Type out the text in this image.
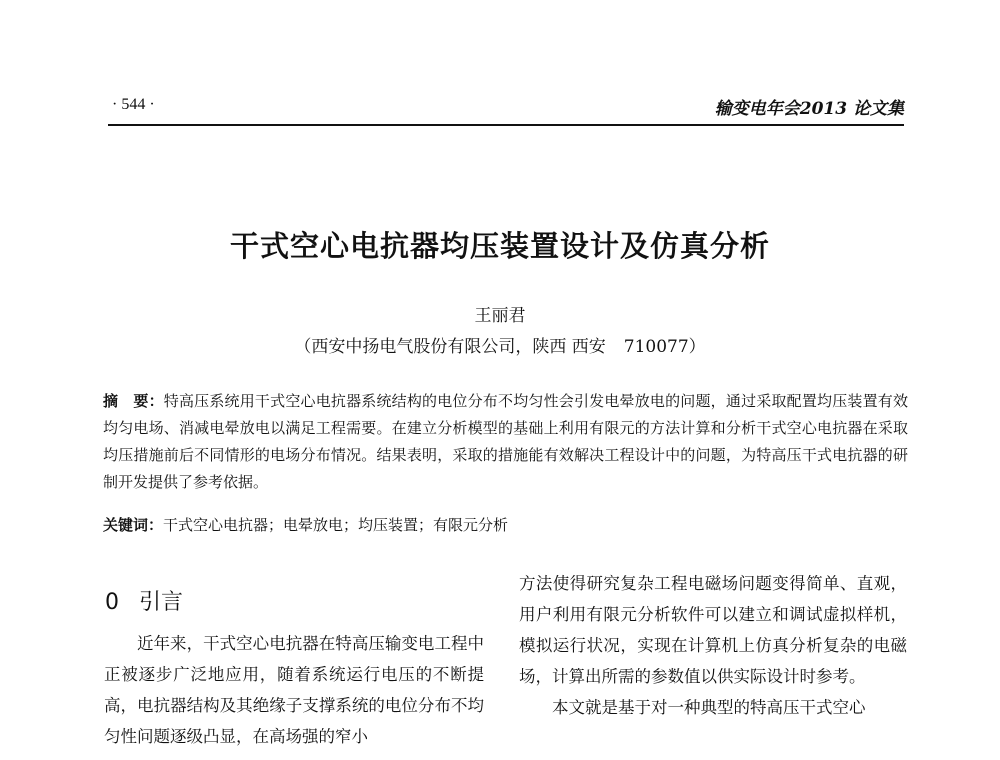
· 544 ·	输变电年会2013 论文集
干式空心电抗器均压装置设计及仿真分析
王丽君
（西安中扬电气股份有限公司，陕西 西安 710077）
摘　要：特高压系统用干式空心电抗器系统结构的电位分布不均匀性会引发电晕放电的问题，通过采取配置均压装置有效均匀电场、消减电晕放电以满足工程需要。在建立分析模型的基础上利用有限元的方法计算和分析干式空心电抗器在采取均压措施前后不同情形的电场分布情况。结果表明，采取的措施能有效解决工程设计中的问题，为特高压干式电抗器的研制开发提供了参考依据。
关键词：干式空心电抗器；电晕放电；均压装置；有限元分析
0 引言

近年来，干式空心电抗器在特高压输变电工程中正被逐步广泛地应用，随着系统运行电压的不断提高，电抗器结构及其绝缘子支撑系统的电位分布不均匀性问题逐级凸显，在高场强的窄小

方法使得研究复杂工程电磁场问题变得简单、直观，用户利用有限元分析软件可以建立和调试虚拟样机，模拟运行状况，实现在计算机上仿真分析复杂的电磁场，计算出所需的参数值以供实际设计时参考。

本文就是基于对一种典型的特高压干式空心
